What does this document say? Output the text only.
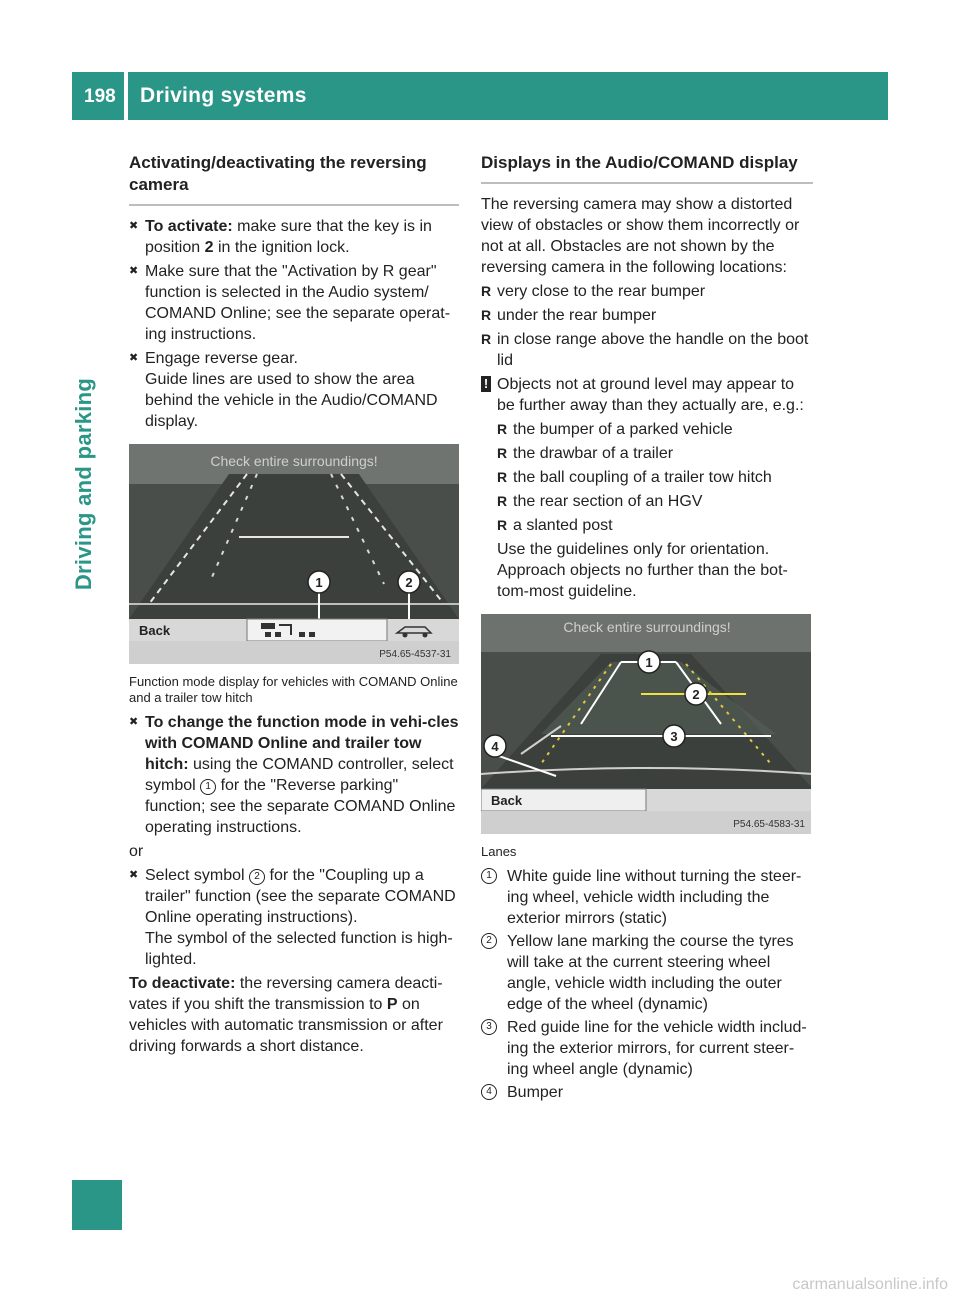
198 Driving systems
Driving and parking
Activating/deactivating the reversing camera
✖ To activate: make sure that the key is in position 2 in the ignition lock.
✖ Make sure that the "Activation by R gear" function is selected in the Audio system/ COMAND Online; see the separate operat-ing instructions.
✖ Engage reverse gear.
Guide lines are used to show the area behind the vehicle in the Audio/COMAND display.
Check entire surroundings!
1	2
Back
P54.65-4537-31
Function mode display for vehicles with COMAND Online and a trailer tow hitch
✖ To change the function mode in vehi-cles with COMAND Online and trailer tow hitch: using the COMAND controller, select symbol 1 for the "Reverse parking" function; see the separate COMAND Online operating instructions.
or
✖ Select symbol 2 for the "Coupling up a trailer" function (see the separate COMAND Online operating instructions).
The symbol of the selected function is high-lighted.
To deactivate: the reversing camera deacti-vates if you shift the transmission to P on vehicles with automatic transmission or after driving forwards a short distance.
Displays in the Audio/COMAND display
The reversing camera may show a distorted view of obstacles or show them incorrectly or not at all. Obstacles are not shown by the reversing camera in the following locations:
R very close to the rear bumper
R under the rear bumper
R in close range above the handle on the boot lid
! Objects not at ground level may appear to be further away than they actually are, e.g.:
R the bumper of a parked vehicle
R the drawbar of a trailer
R the ball coupling of a trailer tow hitch
R the rear section of an HGV
R a slanted post
Use the guidelines only for orientation. Approach objects no further than the bot-tom-most guideline.
Check entire surroundings!
1
2
3
4
Back
P54.65-4583-31
Lanes
1 White guide line without turning the steer-ing wheel, vehicle width including the exterior mirrors (static)
2 Yellow lane marking the course the tyres will take at the current steering wheel angle, vehicle width including the outer edge of the wheel (dynamic)
3 Red guide line for the vehicle width includ-ing the exterior mirrors, for current steer-ing wheel angle (dynamic)
4 Bumper
carmanualsonline.info
